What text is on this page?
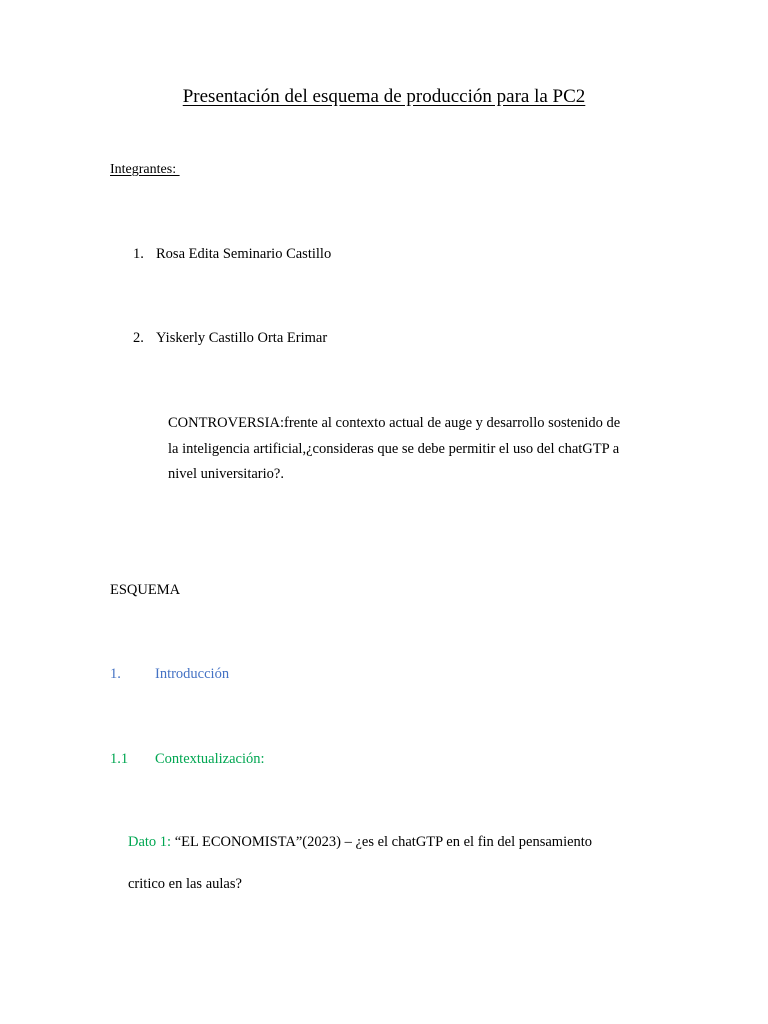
Presentación del esquema de producción para la PC2
Integrantes:
1. Rosa Edita Seminario Castillo
2. Yiskerly Castillo Orta Erimar

CONTROVERSIA:frente al contexto actual de auge y desarrollo sostenido de

la inteligencia artificial,¿consideras que se debe permitir el uso del chatGTP a

nivel universitario?.

ESQUEMA
1. Introducción
1.1 Contextualización:
Dato 1: “EL ECONOMISTA”(2023) – ¿es el chatGTP en el fin del pensamiento
critico en las aulas?
